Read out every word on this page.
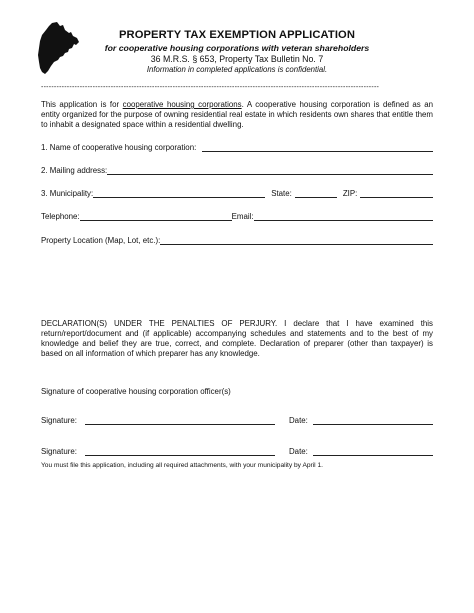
PROPERTY TAX EXEMPTION APPLICATION
for cooperative housing corporations with veteran shareholders
36 M.R.S. § 653, Property Tax Bulletin No. 7
Information in completed applications is confidential.
-----------------------------------------------------------------------------------------------------------------------------------
This application is for cooperative housing corporations. A cooperative housing corporation is defined as an entity organized for the purpose of owning residential real estate in which residents own shares that entitle them to inhabit a designated space within a residential dwelling.
1. Name of cooperative housing corporation:
2. Mailing address:
3. Municipality:	State:	ZIP:
Telephone:	Email:
Property Location (Map, Lot, etc.):
DECLARATION(S) UNDER THE PENALTIES OF PERJURY. I declare that I have examined this return/report/document and (if applicable) accompanying schedules and statements and to the best of my knowledge and belief they are true, correct, and complete. Declaration of preparer (other than taxpayer) is based on all information of which preparer has any knowledge.
Signature of cooperative housing corporation officer(s)
Signature:	Date:
Signature:	Date:
You must file this application, including all required attachments, with your municipality by April 1.
